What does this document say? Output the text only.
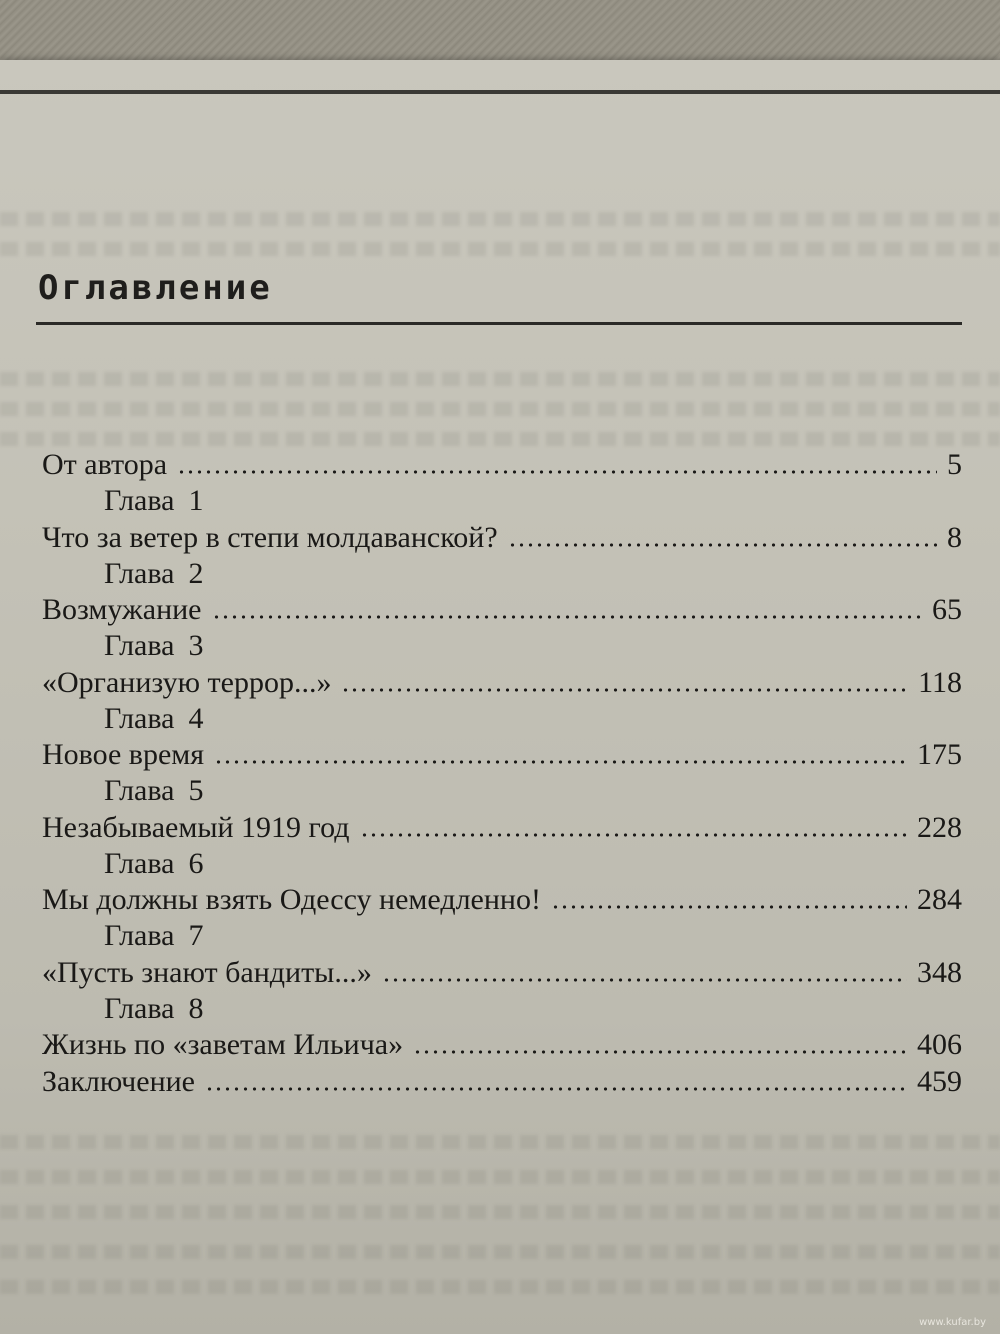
Оглавление
От автора	5
Глава 1
Что за ветер в степи молдаванской?	8
Глава 2
Возмужание	65
Глава 3
«Организую террор...»	118
Глава 4
Новое время	175
Глава 5
Незабываемый 1919 год	228
Глава 6
Мы должны взять Одессу немедленно!	284
Глава 7
«Пусть знают бандиты...»	348
Глава 8
Жизнь по «заветам Ильича»	406
Заключение	459
www.kufar.by
